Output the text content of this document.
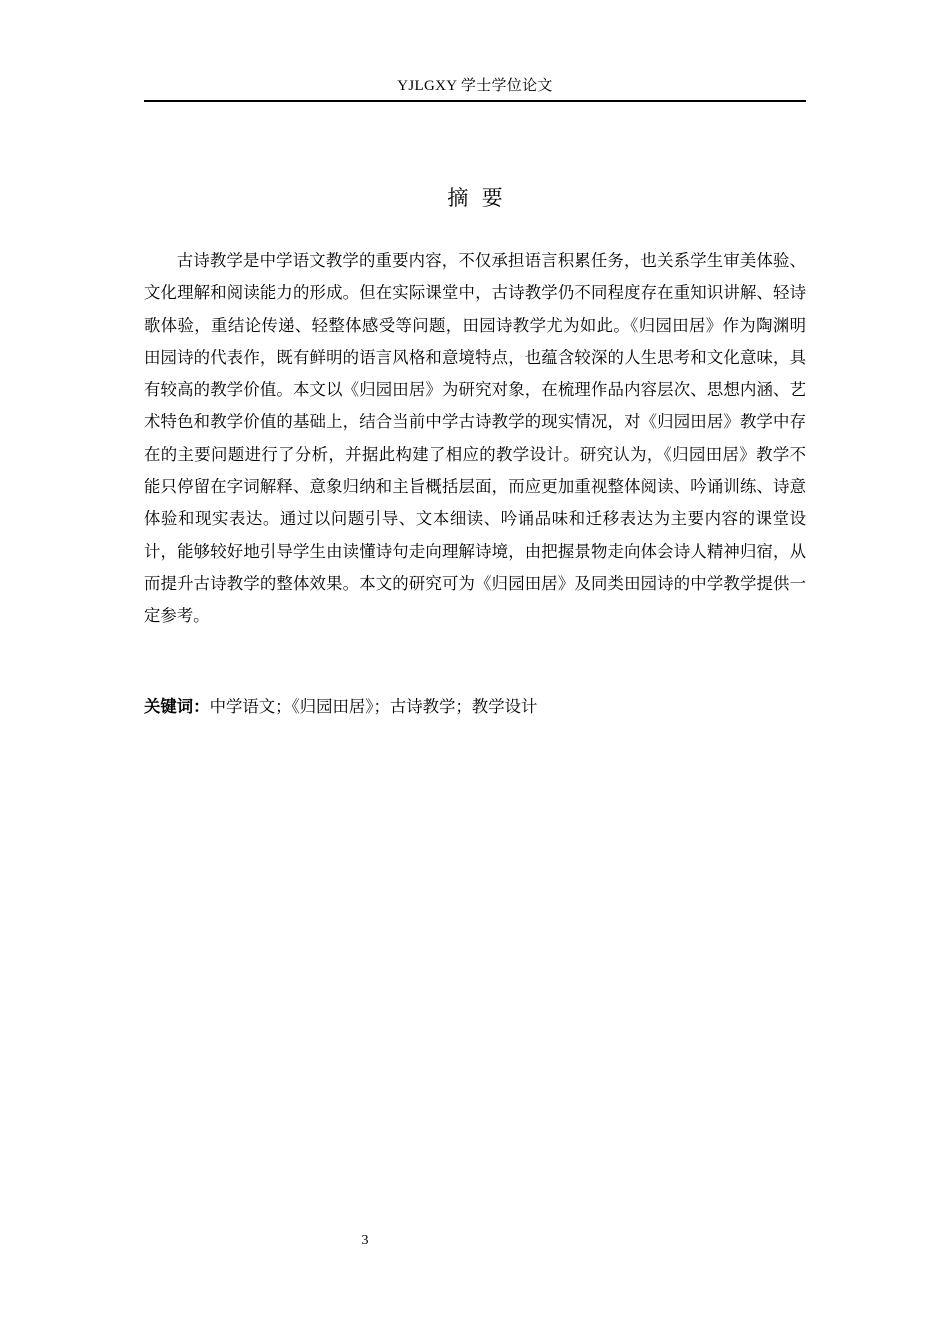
YJLGXY 学士学位论文
摘  要

古诗教学是中学语文教学的重要内容，不仅承担语言积累任务，也关系学生审美体验、文化理解和阅读能力的形成。但在实际课堂中，古诗教学仍不同程度存在重知识讲解、轻诗歌体验，重结论传递、轻整体感受等问题，田园诗教学尤为如此。《归园田居》作为陶渊明田园诗的代表作，既有鲜明的语言风格和意境特点，也蕴含较深的人生思考和文化意味，具有较高的教学价值。本文以《归园田居》为研究对象，在梳理作品内容层次、思想内涵、艺术特色和教学价值的基础上，结合当前中学古诗教学的现实情况，对《归园田居》教学中存在的主要问题进行了分析，并据此构建了相应的教学设计。研究认为，《归园田居》教学不能只停留在字词解释、意象归纳和主旨概括层面，而应更加重视整体阅读、吟诵训练、诗意体验和现实表达。通过以问题引导、文本细读、吟诵品味和迁移表达为主要内容的课堂设计，能够较好地引导学生由读懂诗句走向理解诗境，由把握景物走向体会诗人精神归宿，从而提升古诗教学的整体效果。本文的研究可为《归园田居》及同类田园诗的中学教学提供一定参考。

关键词：中学语文；《归园田居》；古诗教学；教学设计

3
